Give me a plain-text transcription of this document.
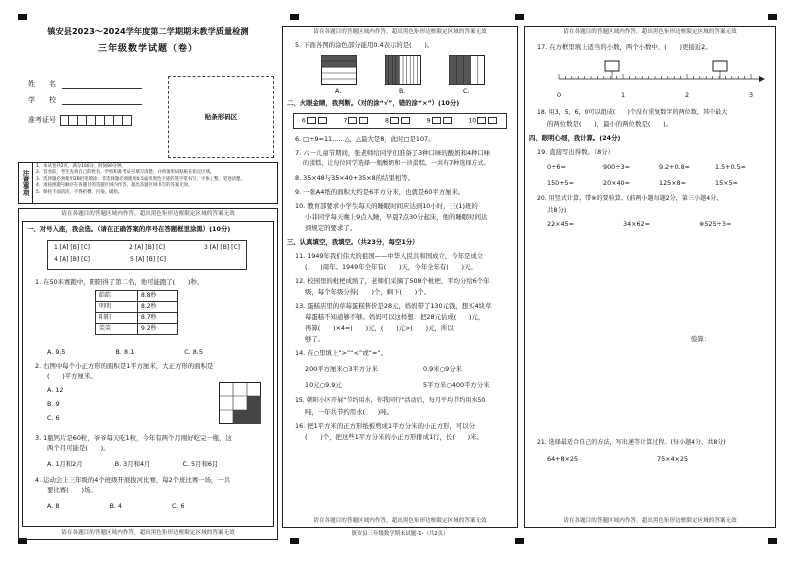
镇安县2023～2024学年度第二学期期末教学质量检测
三年级数学试题（卷）
姓　　名
学　　校
准考证号	贴条形码区
注意事项
1．本试卷共2页，满分100分，时间90分钟。
2．答卷前，考生先将自己的姓名、学校和准考证号填写清楚，并将条形码粘贴在指定区域。
3．选择题必须使用2B铅笔填涂；非选择题必须使用0.5毫米黑色字迹的签字笔书写，字体工整，笔迹清楚。
4．请按照题号顺序在各题目的答题区域内作答，超出答题区域书写的答案无效。
5．保持卡面清洁，不得折叠、污染、破损。
请在各题目的答题区域内作答，超出黑色矩形边框限定区域的答案无效
一、对号入座，我会选。（请在正确答案的序号在答题框里涂黑）(10分)
1 [A] [B] [C]	2 [A] [B] [C]	3 [A] [B] [C]
4 [A] [B] [C]	5 [A] [B] [C]
1. 在50米赛跑中，阳阳得了第二名，他可能跑了(　　)秒。
皓皓	8.8秒
明明	8.2秒
阳阳	8.7秒
笑笑	9.2秒
A. 9.5	B. 8.1	C. 8.5
2. 右图中每个小正方形的面积是1平方厘米，大正方形的面积是
(　　)平方厘米。
A. 12
B. 9
C. 6
3. 1瓶钙片是60粒，爷爷每天吃1粒，今年有两个月刚好吃完一瓶，这
两个月可能是(　　)。
A. 1月和2月	B. 3月和4月	C. 5月和6月
4. 运动会上三年级的4个班级开展拔河比赛，每2个班比赛一场，一共
要比赛(　　)场。
A. 8	B. 4	C. 6
请在各题目的答题区域内作答，超出黑色矩形边框限定区域的答案无效
请在各题目的答题区域内作答，超出黑色矩形边框限定区域的答案无效
5. 下面各图的涂色部分能用0.4表示的是(　　)。
A.	B.	C.
二、火眼金睛，我判断。（对的涂“√”，错的涂“×”）(10分)
6	7	8	9	10
6. □÷9=11……△，△最大是8，此时□是107。
7. 六一儿童节期间，张老师给同学们准备了3种口味的酸奶和4种口味
的蛋糕，让每位同学选择一瓶酸奶和一块蛋糕，一共有7种选择方式。
8. 35×48与35×40+35×8的结果相等。
9. 一张A4纸的面积大约是6平方分米，也就是60平方厘米。
10. 教育部要求小学生每天的睡眠时间应达到10小时，三(1)班的
小菲同学每天晚上9点入睡，早晨7点30分起床，他的睡眠时间达
到规定的要求了。
三、认真填空，我填空。（共23分，每空1分）
11. 1949年我们伟大的祖国——中华人民共和国成立，今年是成立
(　　)周年。1949年全年有(　　)天，今年全年有(　　)天。
12. 校园里的枇杷成熟了，老师们采摘了508个枇杷，平均分给6个年
级，每个年级分得(　　)个，剩下(　　)个。
13. 蛋糕店里的草莓蛋糕售价是28元，妈妈带了130元钱，想买4块草
莓蛋糕不知道够不够。妈妈可以这样想：把28元估成(　　)元，
再算(　　)×4=(　　)元，(　　)元>(　　)元，所以
够了。
14. 在○里填上“>”“<”或“=”。
200平方厘米○3平方分米	0.9米○9分米
10元○9.9元	5平方米○400平方分米
15. 朝阳小区开展“节约用水，你我同行”活动后，每月平均节约用水50
吨，一年共节约用水(　　)吨。
16. 把1平方米的正方形纸板剪成1平方分米的小正方形，可以分
(　　)个，把这些1平方分米的小正方形排成1行，长(　　)米。
请在各题目的答题区域内作答，超出黑色矩形边框限定区域的答案无效
请在各题目的答题区域内作答，超出黑色矩形边框限定区域的答案无效
17. 在方框里填上适当的小数，两个小数中，(　　)更接近2。
0	1	2	3
18. 用3，5，6，0可以组成(　　)个没有重复数字的两位数，其中最大
的两位数是(　　)，最小的两位数是(　　)。
四、眼明心细，我计算。(24分)
19. 直接写出得数。（8分）
0÷6=	900÷3=	9.2+0.8=	1.5+0.5=
150+5=	20×40=	125×8=	15×5=
20. 用竖式计算，带※的要验算。(前两小题每题2分，第三小题4分，
共8分)
22×45=	34×62=	※525÷3=
验算：
21. 选择最适合自己的方法，写出递等计算过程。(每小题4分，共8分)
64+8×25	75×4×25
请在各题目的答题区域内作答，超出黑色矩形边框限定区域的答案无效
镇安县三年级数学期末试题-1-（共2页）
